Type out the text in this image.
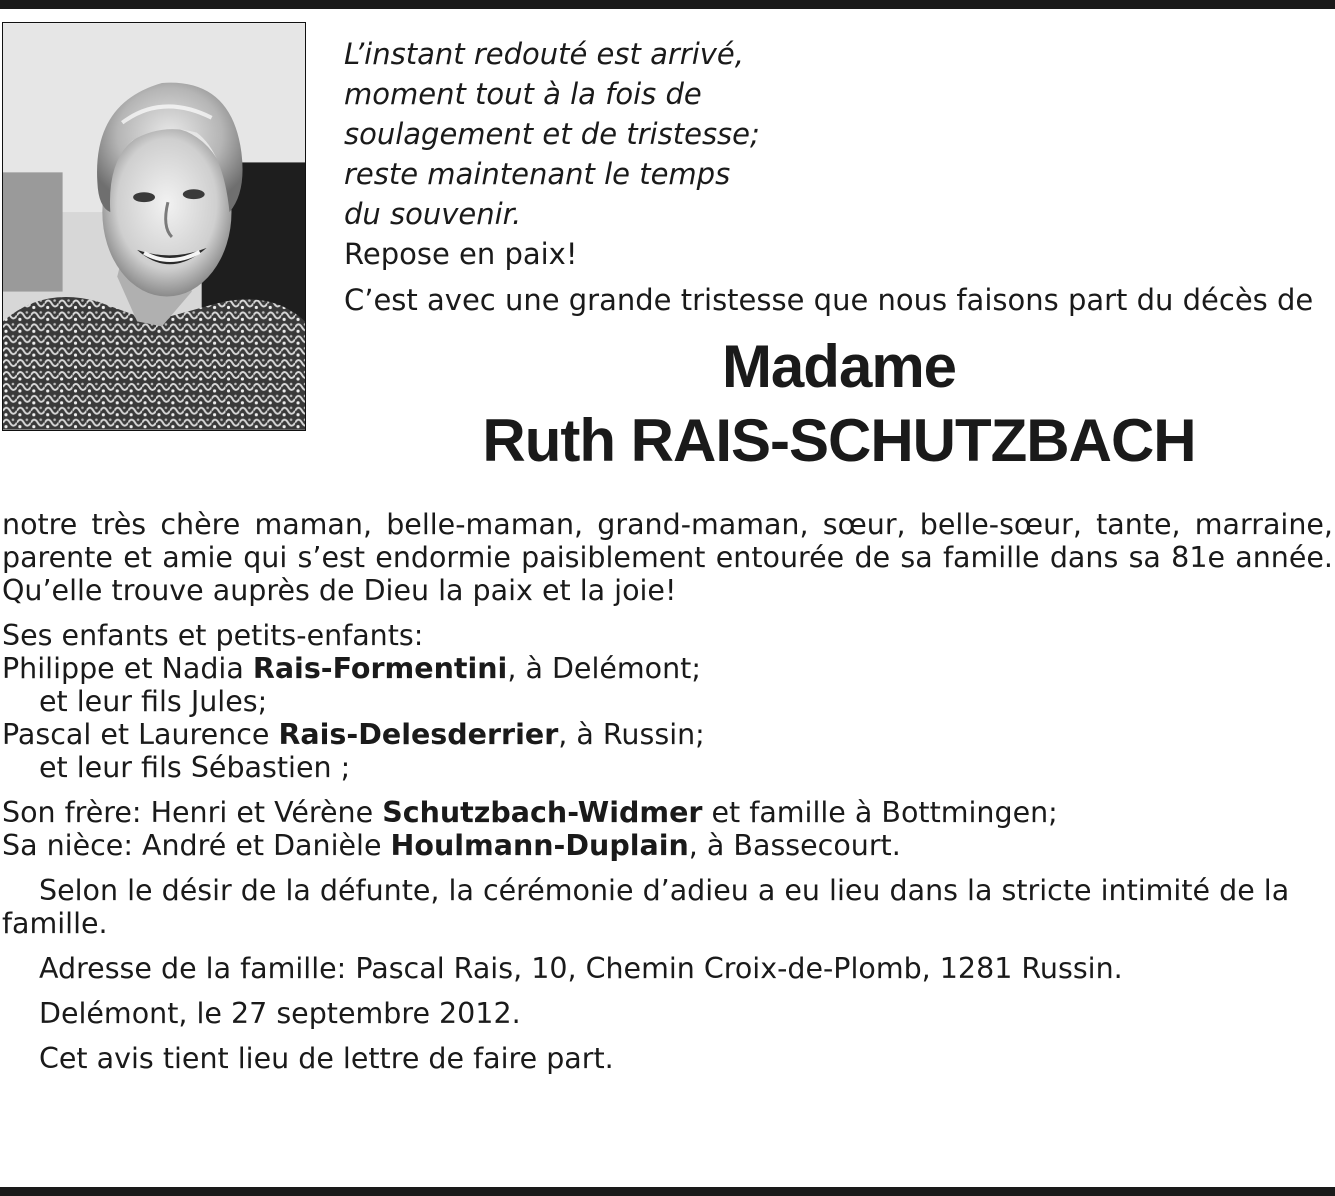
L’instant redouté est arrivé,
moment tout à la fois de
soulagement et de tristesse;
reste maintenant le temps
du souvenir.
Repose en paix!
C’est avec une grande tristesse que nous faisons part du décès de
Madame
Ruth RAIS-SCHUTZBACH

notre très chère maman, belle-maman, grand-maman, sœur, belle-sœur, tante, marraine, parente et amie qui s’est endormie paisiblement entourée de sa famille dans sa 81e année. Qu’elle trouve auprès de Dieu la paix et la joie!

Ses enfants et petits-enfants:

Philippe et Nadia Rais-Formentini, à Delémont;

et leur fils Jules;

Pascal et Laurence Rais-Delesderrier, à Russin;

et leur fils Sébastien ;

Son frère: Henri et Vérène Schutzbach-Widmer et famille à Bottmingen;

Sa nièce: André et Danièle Houlmann-Duplain, à Bassecourt.

Selon le désir de la défunte, la cérémonie d’adieu a eu lieu dans la stricte intimité de la famille.

Adresse de la famille: Pascal Rais, 10, Chemin Croix-de-Plomb, 1281 Russin.

Delémont, le 27 septembre 2012.

Cet avis tient lieu de lettre de faire part.
